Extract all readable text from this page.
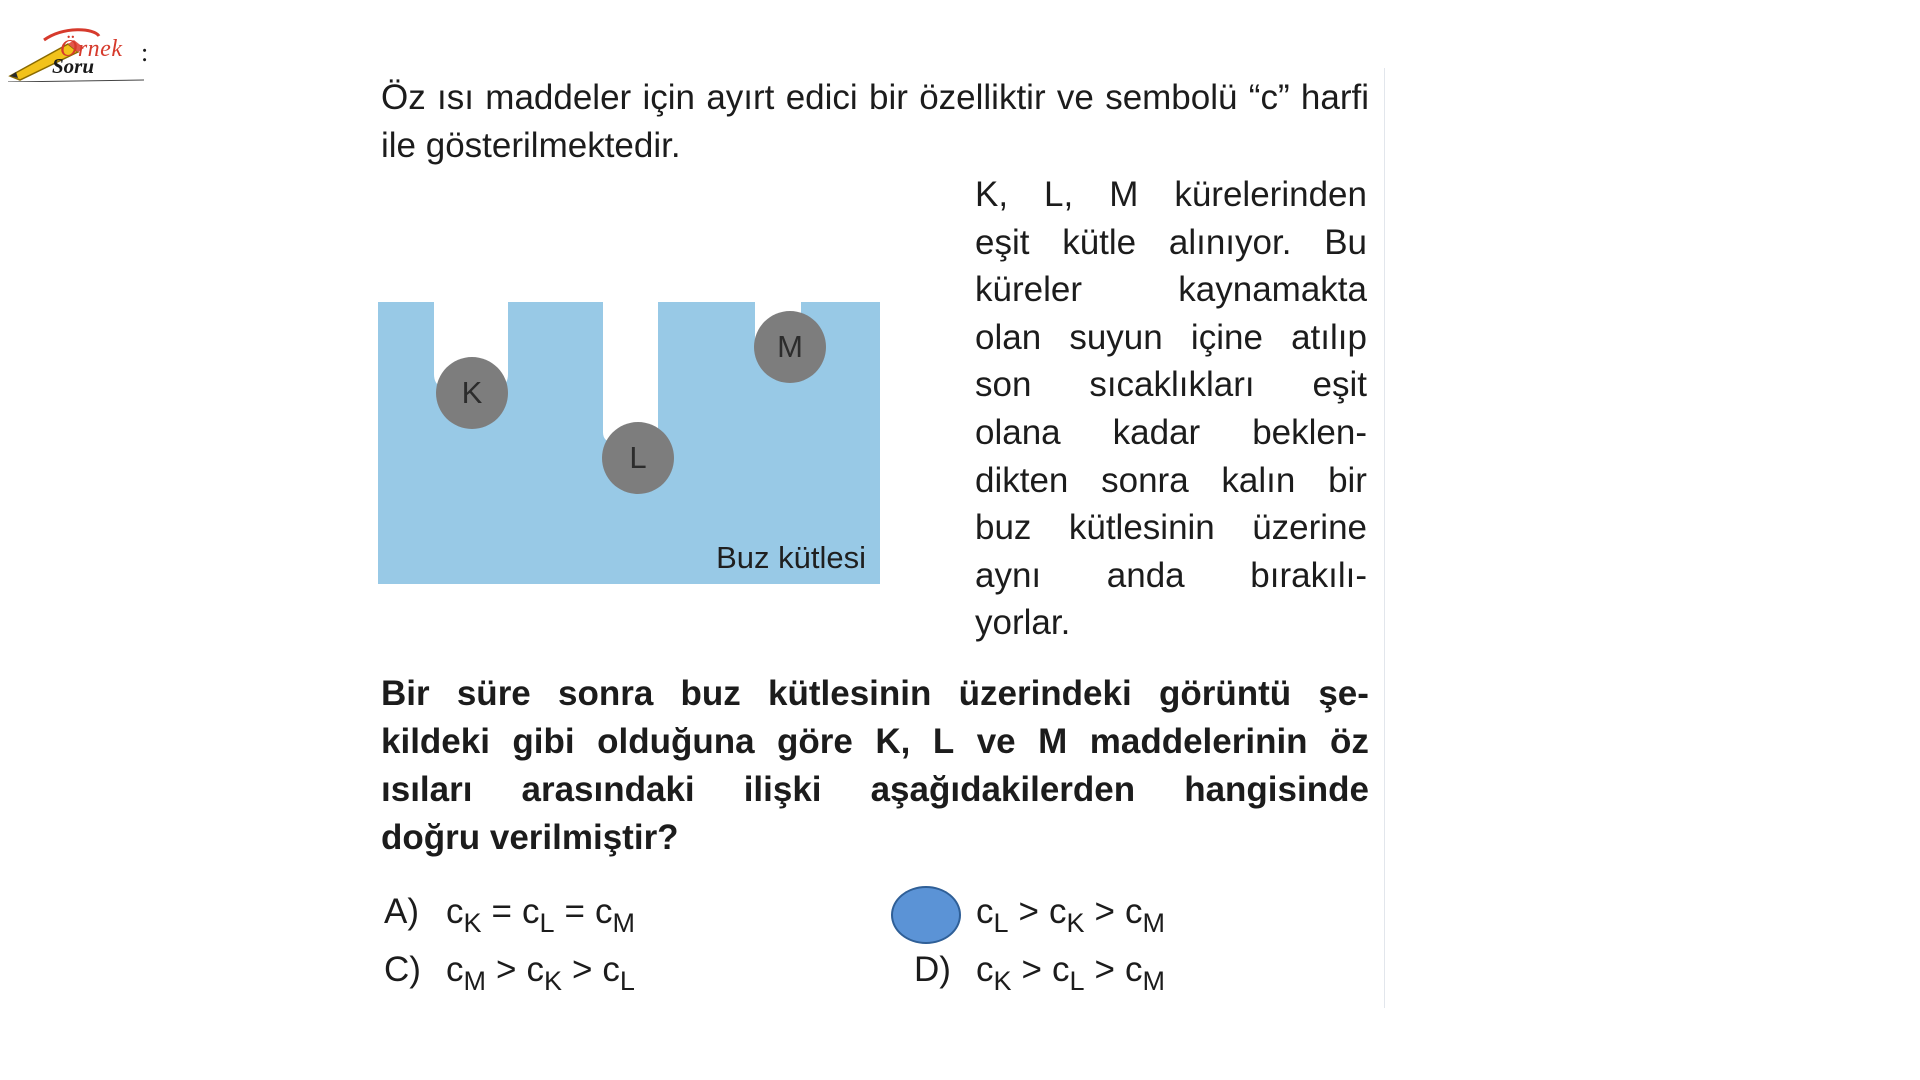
Örnek
Soru :

Öz ısı maddeler için ayırt edici bir özelliktir ve sembolü “c” harfi ile gösterilmektedir.

K
L
M
Buz kütlesi
K, L, M kürelerinden
eşit kütle alınıyor. Bu
küreler	kaynamakta
olan suyun içine atılıp
son sıcaklıkları eşit
olana kadar beklen-
dikten sonra kalın bir
buz kütlesinin üzerine
aynı anda bırakılı-
yorlar.
Bir süre sonra buz kütlesinin üzerindeki görüntü şe-
kildeki gibi olduğuna göre K, L ve M maddelerinin öz
ısıları arasındaki ilişki aşağıdakilerden hangisinde
doğru
verilmiştir?
A) $c_K = c_L = c_M$	$c_L > c_K > c_M$
C) $c_M > c_K > c_L$	D) $c_K > c_L > c_M$
